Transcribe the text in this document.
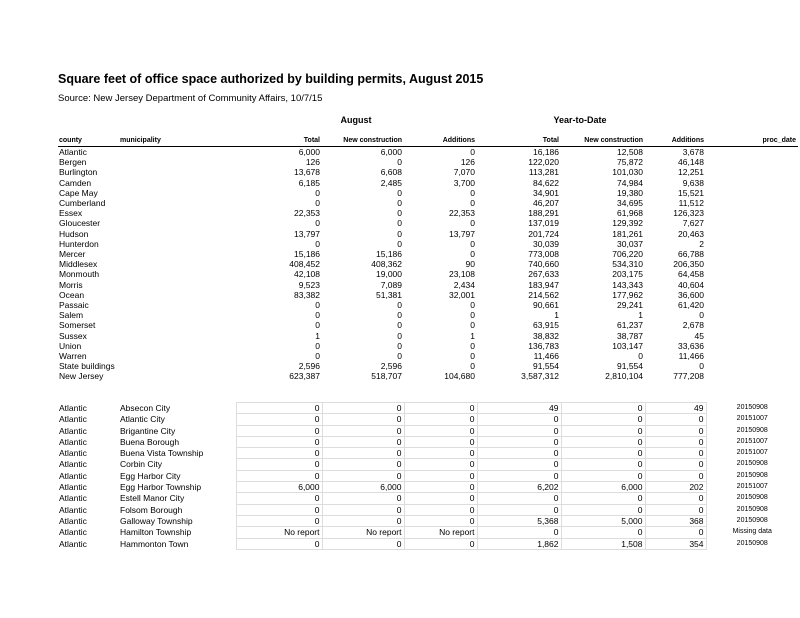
Square feet of office space authorized by building permits, August 2015
Source: New Jersey Department of Community Affairs, 10/7/15
August	Year-to-Date
county	municipality	Total	New construction	Additions	Total	New construction	Additions	proc_date
Atlantic		6,000	6,000	0	16,186	12,508	3,678	
Bergen		126	0	126	122,020	75,872	46,148	
Burlington		13,678	6,608	7,070	113,281	101,030	12,251	
Camden		6,185	2,485	3,700	84,622	74,984	9,638	
Cape May		0	0	0	34,901	19,380	15,521	
Cumberland		0	0	0	46,207	34,695	11,512	
Essex		22,353	0	22,353	188,291	61,968	126,323	
Gloucester		0	0	0	137,019	129,392	7,627	
Hudson		13,797	0	13,797	201,724	181,261	20,463	
Hunterdon		0	0	0	30,039	30,037	2	
Mercer		15,186	15,186	0	773,008	706,220	66,788	
Middlesex		408,452	408,362	90	740,660	534,310	206,350	
Monmouth		42,108	19,000	23,108	267,633	203,175	64,458	
Morris		9,523	7,089	2,434	183,947	143,343	40,604	
Ocean		83,382	51,381	32,001	214,562	177,962	36,600	
Passaic		0	0	0	90,661	29,241	61,420	
Salem		0	0	0	1	1	0	
Somerset		0	0	0	63,915	61,237	2,678	
Sussex		1	0	1	38,832	38,787	45	
Union		0	0	0	136,783	103,147	33,636	
Warren		0	0	0	11,466	0	11,466	
State buildings		2,596	2,596	0	91,554	91,554	0	
New Jersey		623,387	518,707	104,680	3,587,312	2,810,104	777,208	
Atlantic	Absecon City	0	0	0	49	0	49	20150908
Atlantic	Atlantic City	0	0	0	0	0	0	20151007
Atlantic	Brigantine City	0	0	0	0	0	0	20150908
Atlantic	Buena Borough	0	0	0	0	0	0	20151007
Atlantic	Buena Vista Township	0	0	0	0	0	0	20151007
Atlantic	Corbin City	0	0	0	0	0	0	20150908
Atlantic	Egg Harbor City	0	0	0	0	0	0	20150908
Atlantic	Egg Harbor Township	6,000	6,000	0	6,202	6,000	202	20151007
Atlantic	Estell Manor City	0	0	0	0	0	0	20150908
Atlantic	Folsom Borough	0	0	0	0	0	0	20150908
Atlantic	Galloway Township	0	0	0	5,368	5,000	368	20150908
Atlantic	Hamilton Township	No report	No report	No report	0	0	0	Missing data
Atlantic	Hammonton Town	0	0	0	1,862	1,508	354	20150908
